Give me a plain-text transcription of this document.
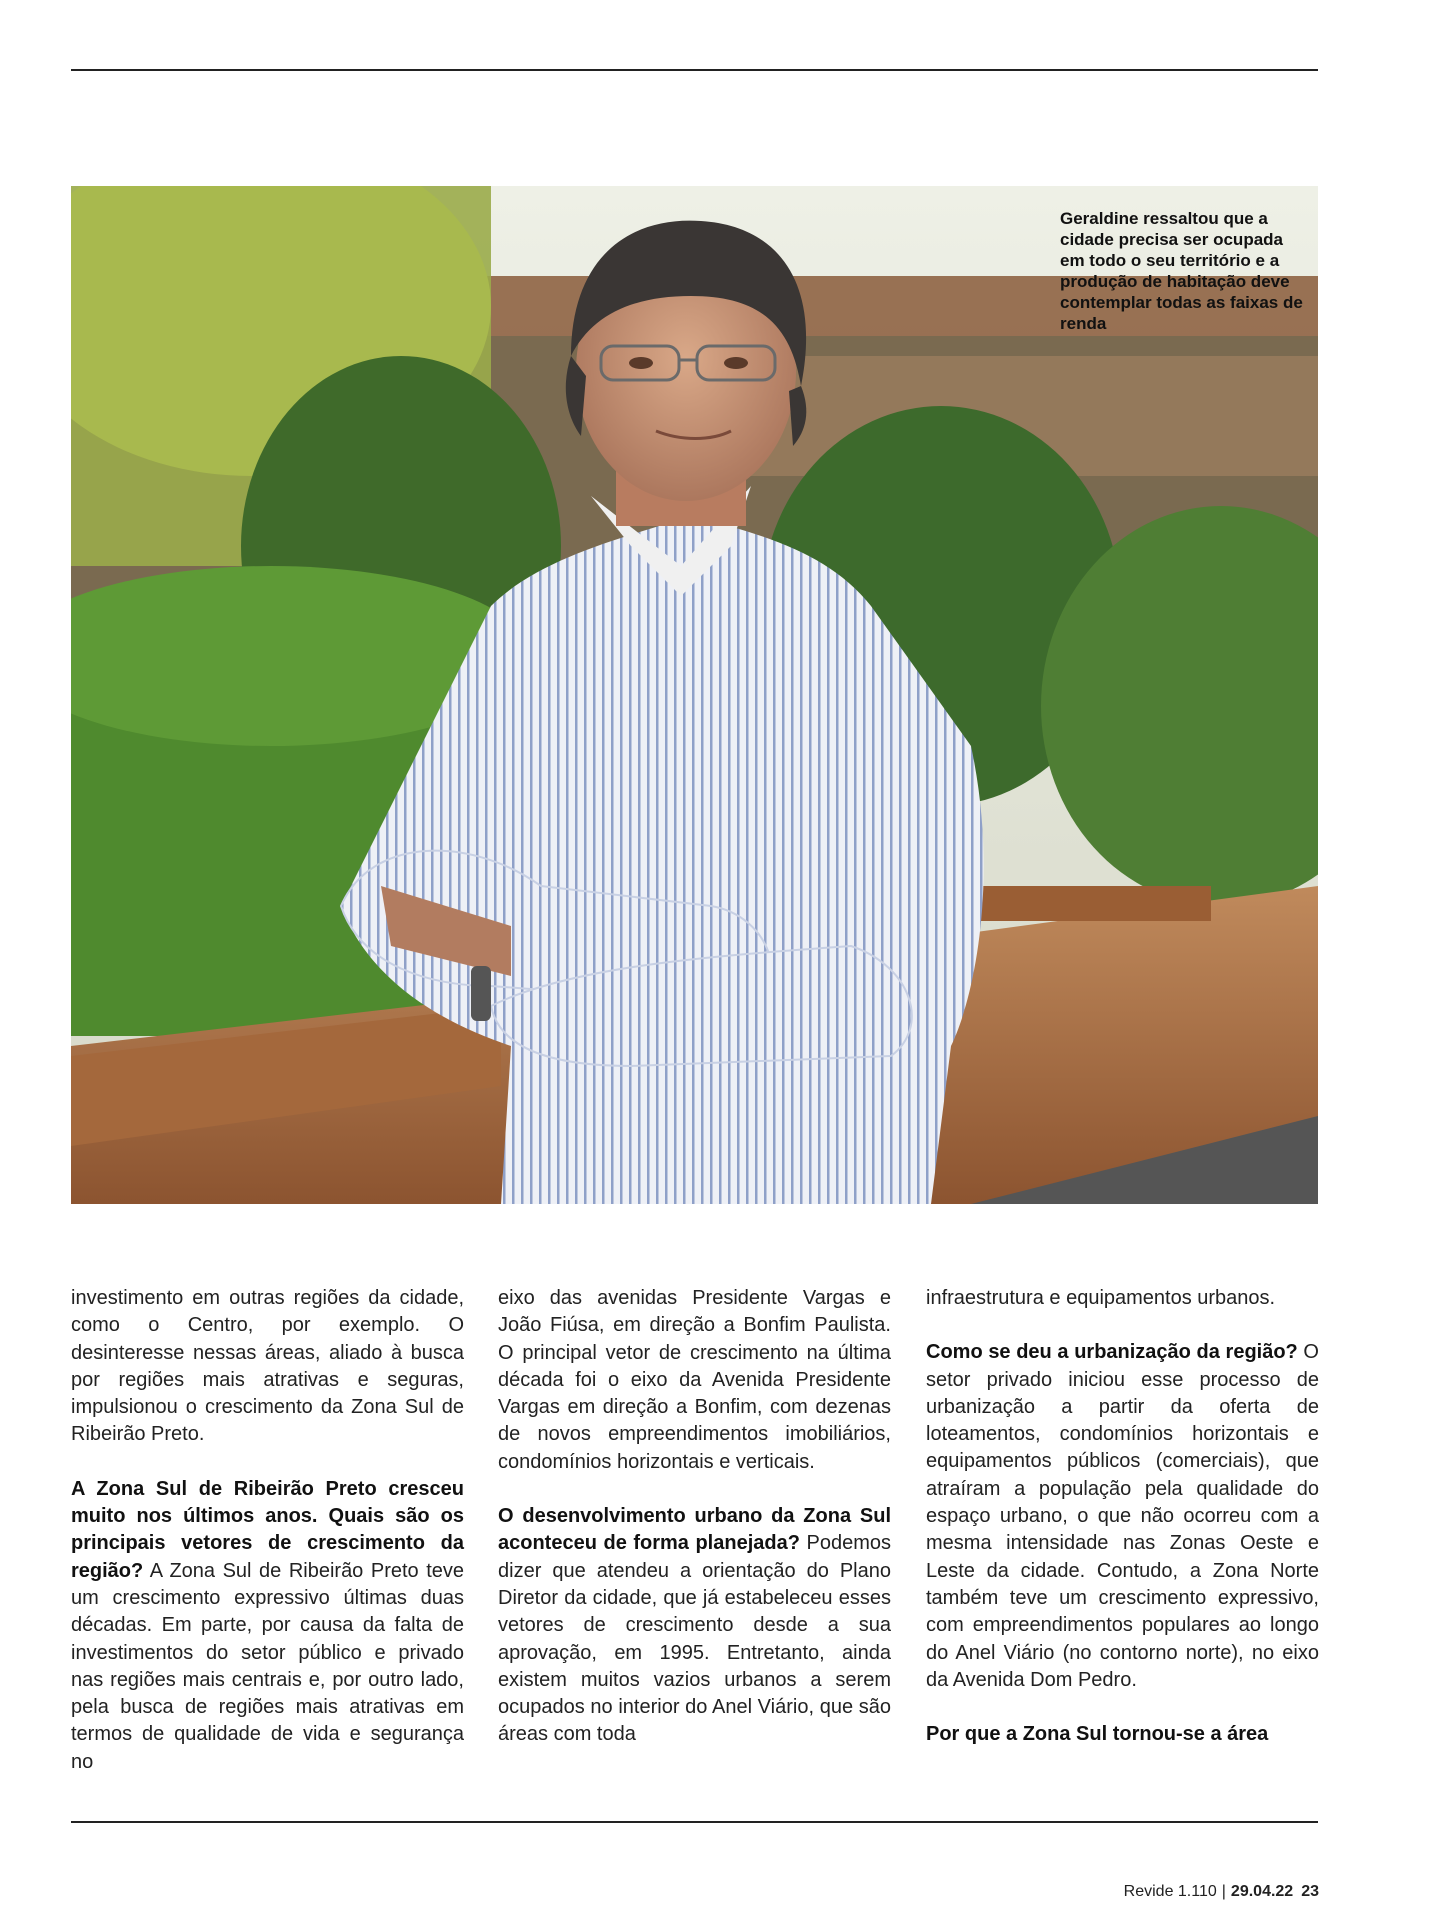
Geraldine ressaltou que a cidade precisa ser ocupada em todo o seu território e a produção de habitação deve contemplar todas as faixas de renda

investimento em outras regiões da cidade, como o Centro, por exemplo. O desinteresse nessas áreas, aliado à busca por regiões mais atrativas e seguras, impulsionou o crescimento da Zona Sul de Ribeirão Preto.

A Zona Sul de Ribeirão Preto cresceu muito nos últimos anos. Quais são os principais vetores de crescimento da região? A Zona Sul de Ribeirão Preto teve um crescimento expressivo últimas duas décadas. Em parte, por causa da falta de investimentos do setor público e privado nas regiões mais centrais e, por outro lado, pela busca de regiões mais atrativas em termos de qualidade de vida e segurança no

eixo das avenidas Presidente Vargas e João Fiúsa, em direção a Bonfim Paulista. O principal vetor de crescimento na última década foi o eixo da Avenida Presidente Vargas em direção a Bonfim, com dezenas de novos empreendimentos imobiliários, condomínios horizontais e verticais.

O desenvolvimento urbano da Zona Sul aconteceu de forma planejada? Podemos dizer que atendeu a orientação do Plano Diretor da cidade, que já estabeleceu esses vetores de crescimento desde a sua aprovação, em 1995. Entretanto, ainda existem muitos vazios urbanos a serem ocupados no interior do Anel Viário, que são áreas com toda

infraestrutura e equipamentos urbanos.

Como se deu a urbanização da região? O setor privado iniciou esse processo de urbanização a partir da oferta de loteamentos, condomínios horizontais e equipamentos públicos (comerciais), que atraíram a população pela qualidade do espaço urbano, o que não ocorreu com a mesma intensidade nas Zonas Oeste e Leste da cidade. Contudo, a Zona Norte também teve um crescimento expressivo, com empreendimentos populares ao longo do Anel Viário (no contorno norte), no eixo da Avenida Dom Pedro.

Por que a Zona Sul tornou-se a área

Revide 1.110 | 29.04.22 23
